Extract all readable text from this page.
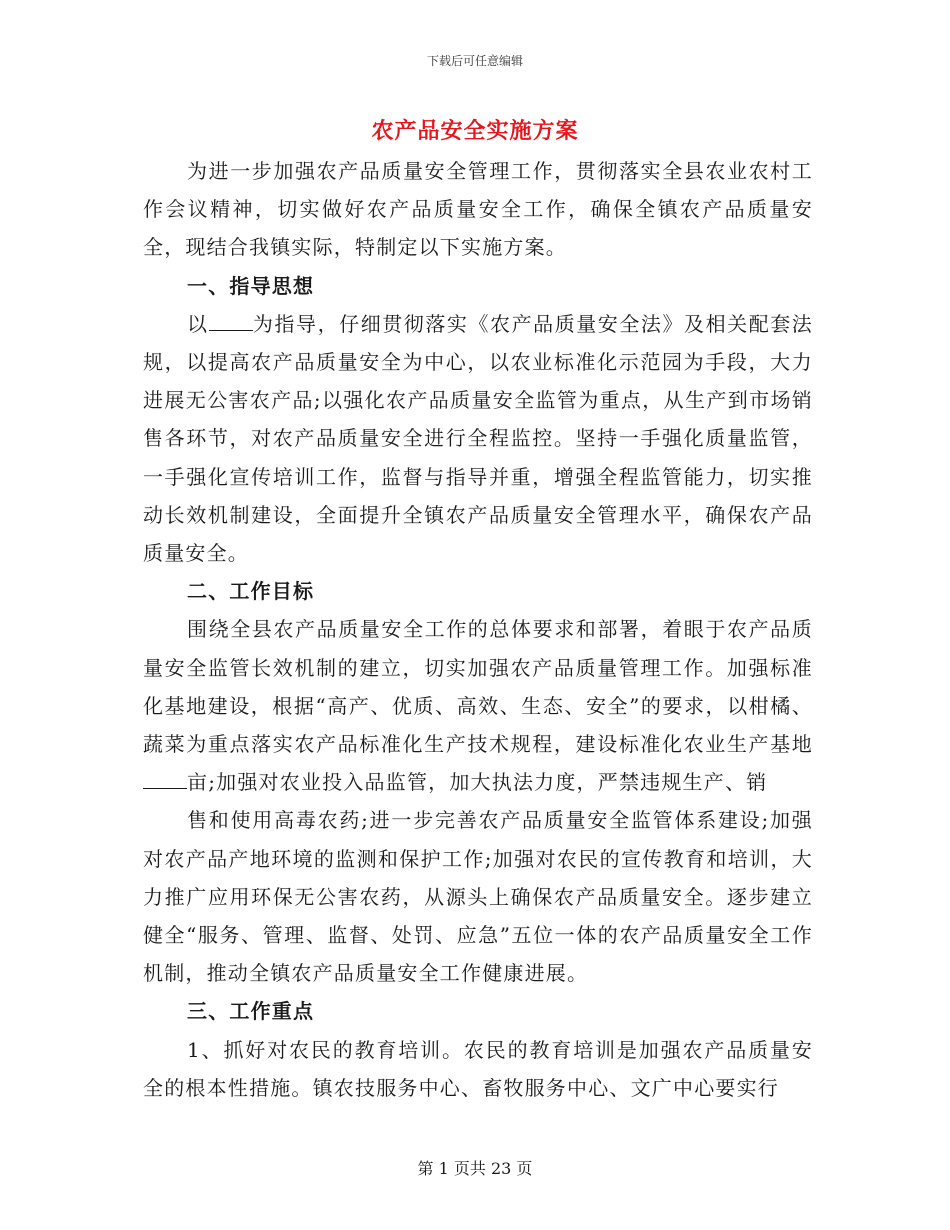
下载后可任意编辑
农产品安全实施方案

为进一步加强农产品质量安全管理工作，贯彻落实全县农业农村工作会议精神，切实做好农产品质量安全工作，确保全镇农产品质量安全，现结合我镇实际，特制定以下实施方案。

一、指导思想

以 为指导，仔细贯彻落实《农产品质量安全法》及相关配套法规，以提高农产品质量安全为中心，以农业标准化示范园为手段，大力进展无公害农产品;以强化农产品质量安全监管为重点，从生产到市场销售各环节，对农产品质量安全进行全程监控。坚持一手强化质量监管，一手强化宣传培训工作，监督与指导并重，增强全程监管能力，切实推动长效机制建设，全面提升全镇农产品质量安全管理水平，确保农产品质量安全。

二、工作目标

围绕全县农产品质量安全工作的总体要求和部署，着眼于农产品质量安全监管长效机制的建立，切实加强农产品质量管理工作。加强标准化基地建设，根据“高产、优质、高效、生态、安全”的要求，以柑橘、蔬菜为重点落实农产品标准化生产技术规程，建设标准化农业生产基地亩;加强对农业投入品监管，加大执法力度，严禁违规生产、销

售和使用高毒农药;进一步完善农产品质量安全监管体系建设;加强对农产品产地环境的监测和保护工作;加强对农民的宣传教育和培训，大力推广应用环保无公害农药，从源头上确保农产品质量安全。逐步建立健全“服务、管理、监督、处罚、应急”五位一体的农产品质量安全工作机制，推动全镇农产品质量安全工作健康进展。

三、工作重点

1、抓好对农民的教育培训。农民的教育培训是加强农产品质量安全的根本性措施。镇农技服务中心、畜牧服务中心、文广中心要实行

第 1 页共 23 页
